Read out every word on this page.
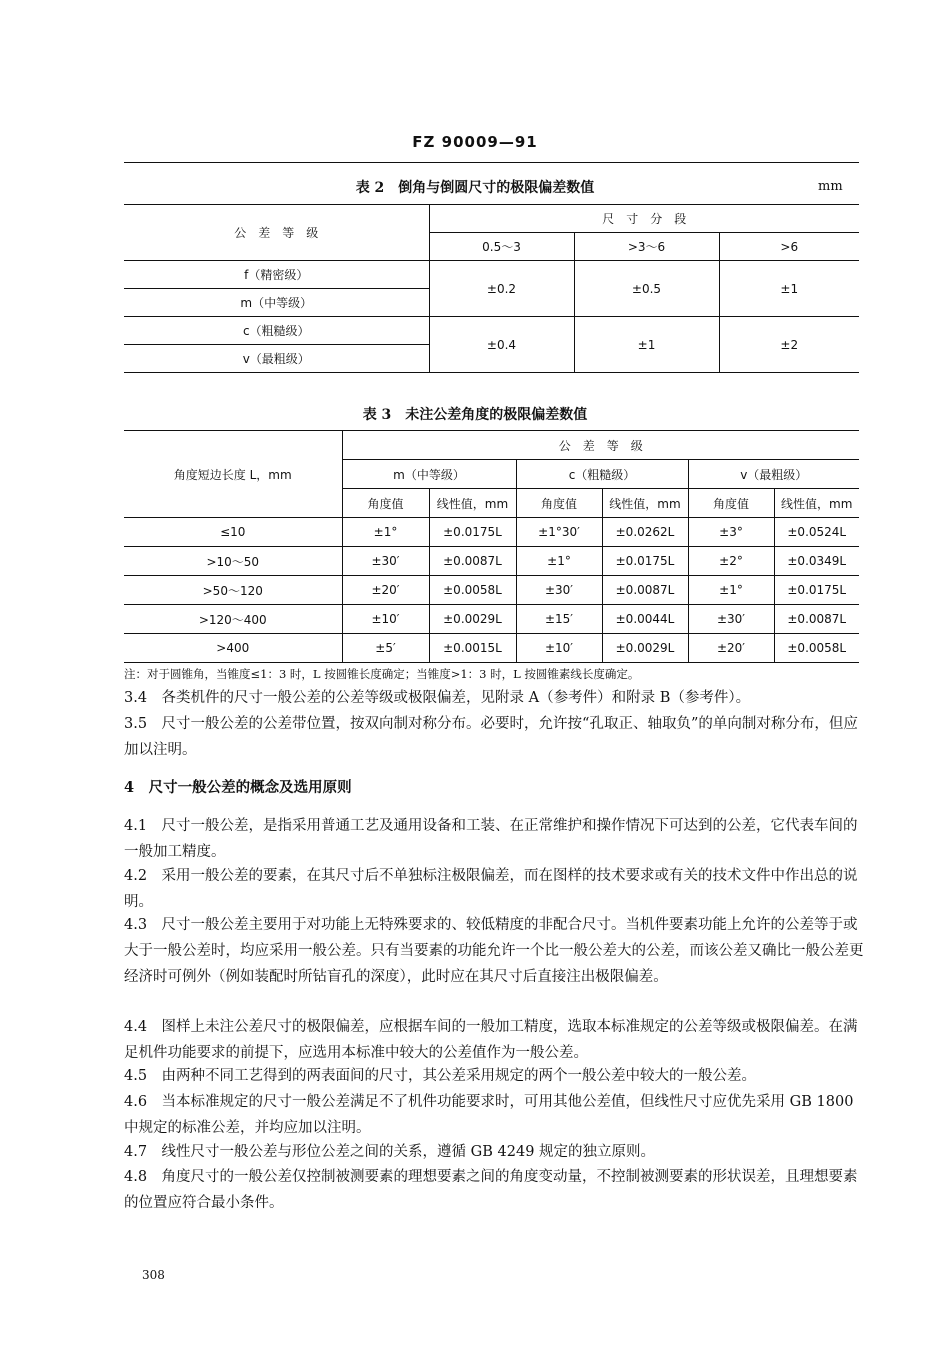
FZ 90009—91
表 2　倒角与倒圆尺寸的极限偏差数值	mm
公　差　等　级	尺　寸　分　段		
	0.5～3	>3～6	>6
f（精密级）	±0.2	±0.5	±1
m（中等级）			
c（粗糙级）	±0.4	±1	±2
v（最粗级）			
表 3　未注公差角度的极限偏差数值
角度短边长度 L，mm	公　差　等　级					
	m（中等级）		c（粗糙级）		v（最粗级）	
	角度值	线性值，mm	角度值	线性值，mm	角度值	线性值，mm
≤10	±1°	±0.0175L	±1°30′	±0.0262L	±3°	±0.0524L
>10～50	±30′	±0.0087L	±1°	±0.0175L	±2°	±0.0349L
>50～120	±20′	±0.0058L	±30′	±0.0087L	±1°	±0.0175L
>120～400	±10′	±0.0029L	±15′	±0.0044L	±30′	±0.0087L
>400	±5′	±0.0015L	±10′	±0.0029L	±20′	±0.0058L
注：对于圆锥角，当锥度≤1：3 时，L 按圆锥长度确定；当锥度>1：3 时，L 按圆锥素线长度确定。
3.4　各类机件的尺寸一般公差的公差等级或极限偏差，见附录 A（参考件）和附录 B（参考件）。
3.5　尺寸一般公差的公差带位置，按双向制对称分布。必要时，允许按“孔取正、轴取负”的单向制对称分布，但应加以注明。
4　尺寸一般公差的概念及选用原则
4.1　尺寸一般公差，是指采用普通工艺及通用设备和工装、在正常维护和操作情况下可达到的公差，它代表车间的一般加工精度。
4.2　采用一般公差的要素，在其尺寸后不单独标注极限偏差，而在图样的技术要求或有关的技术文件中作出总的说明。
4.3　尺寸一般公差主要用于对功能上无特殊要求的、较低精度的非配合尺寸。当机件要素功能上允许的公差等于或大于一般公差时，均应采用一般公差。只有当要素的功能允许一个比一般公差大的公差，而该公差又确比一般公差更经济时可例外（例如装配时所钻盲孔的深度），此时应在其尺寸后直接注出极限偏差。
4.4　图样上未注公差尺寸的极限偏差，应根据车间的一般加工精度，选取本标准规定的公差等级或极限偏差。在满足机件功能要求的前提下，应选用本标准中较大的公差值作为一般公差。
4.5　由两种不同工艺得到的两表面间的尺寸，其公差采用规定的两个一般公差中较大的一般公差。
4.6　当本标准规定的尺寸一般公差满足不了机件功能要求时，可用其他公差值，但线性尺寸应优先采用 GB 1800 中规定的标准公差，并均应加以注明。
4.7　线性尺寸一般公差与形位公差之间的关系，遵循 GB 4249 规定的独立原则。
4.8　角度尺寸的一般公差仅控制被测要素的理想要素之间的角度变动量，不控制被测要素的形状误差，且理想要素的位置应符合最小条件。
308
